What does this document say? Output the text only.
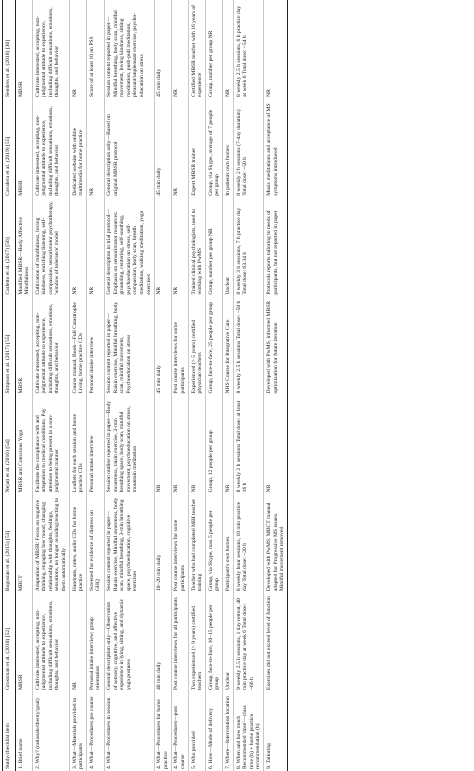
Study/checklist item	Grossman et al. (2010) [52]	Bogosian et al. (2015) [53]	Nejati et al. (2016) [54]	Simpson et al. (2017) [55]	Carletto et al. (2017) [56]	Cavalera et al. (2019) [55]	Senders et al. (2018) [30]
1. Brief name	MBSR	MBCT	MBSR and Conscious Yoga	MBSR	Modified MBSR—Body Affective Mindfulness	MBSR	MBSR
2. Why? (rationale/theory/goal)	Cultivate interested, accepting, non-judgmental attitude to experience, including difficult sensations, emotions, thoughts, and behavior	Adaptation of MBSR: Focus on negative thinking, engaging low mood, changing relationship with thoughts, feelings, sensations, no longer avoiding/reacting to them automatically	Facilitate the compliance with and adaptation to medical conditions. Pay attention to being present in a non-judgmental manner	Cultivate interested, accepting, non-judgmental attitude to experience, including difficult sensations, emotions, thoughts, and behavior	Cultivation of mindfulness, loving kindness, enriching listening, self-compassion, sensorimotor psychotherapy, 'window of tolerance' model	Cultivate interested, accepting, non-judgmental attitude to experience, including difficult sensations, emotions, thoughts, and behavior	Cultivate interested, accepting, non-judgmental attitude to experience, including difficult sensations, emotions, thoughts, and behavior
3. What—Materials provided to participants	NR	Handouts, notes, audio CDs for home practice	Leaflets for each session and home practice CDs	Course manual, Book—Full Catastrophe Living, home practice CDs	NR	Dedicated website with online multimedia for home practice	NR
4. What—Procedures pre course	Personal intake interview; group orientation	Screened for evidence of distress on GHQ	Personal intake interview	Personal intake interview	NR	NR	Score of at least 10 on PSS
4. What—Procedures in session	General description only—Observation of sensory, cognitive, and affective experience in lying, sitting, and dynamic yoga postures	Session content reported in paper—Raisin exercise, Mindful awareness, body scan, mindful breathing, 3-min breathing space, psychoeducation, cognitive exercises	Session outline reported in paper—Body awareness, raisin exercise, 3-min breathing space, body scan, mindful movement, psychoeducation on stress, mountain meditation	Session content reported in paper—Raisin exercise, Mindful breathing, body scan, mindful movement, Psychoeducation on stress	General description in trial protocol—Emphasis on sensorimotor resources: grounding, centering, self-soothing, psychoeducation on stress, self-compassion, body scan, breath meditation, walking meditation, yoga exercises	General description only—Based on original MBSR protocol	Session content reported in paper—Mindful breathing, body scan, mindful movement, loving kindness, sitting meditation, push-pull meditation, pleasant/unpleasant exercise, psycho-education on stress
4. What—Procedures for home practice	40 min daily	10–20 min daily	NR	45 min daily	NR	45 min daily	45 min daily
4. What—Procedures—post course	Post course interviews for all participants	Post course interviews for some participants	NR	Post course interviews for some participants	NR	NR	NR
5. Who provided	Two experienced (> 9 years) certified teachers	Teacher who had completed MBI teacher training	NR	Experienced (> 5 years) certified physician teachers	Trained clinical psychologists, used to working with PwMS	Expert MBSR trainer	Certified MBSR teacher with 16 years of experience
6. How—Mode of delivery	Group, face-to-face, 10–15 people per group	Group, via Skype, max 5 people per group	Group, 12 people per group	Group, face-to-face, 25 people per group	Group, number per group NR	Group, via Skype, average of 7 people per group	Group, number per group NR
7. Where—Intervention location	Unclear	Participant's own homes	NR	NHS Course for Integrative Care	Unclear	In patients own homes	NR
8. When and how much Recommended 'dose'—class time (h) + home practice recommendation (h)	9 weekly 2.5 h sessions, 1 day retreat, 40 min practice day at week 6 Total dose: ~66 h	8 weekly hour sessions, 10 min practice day Total dose: ~20 h	8 weekly 2 h sessions Total dose: at least 16 h	8 weekly 2.5 h sessions Total dose: ~50 h	8 weekly 3 h sessions, 7 h practice day Total dose: 63.34 h	8 weekly 2 h sessions (7-day duration) Total dose: ~50 h	8 weekly 2.5 h sessions, 6 h practice day at week 6 Total dose: ~54 h
9. Tailoring	Exercises did not exceed level of function	Developed with PwMS. MBCT manual adapted for Progressive MS issues. Mindful movement removed	NR	Developed with PwMS, informed MBSR optimization for future iteration	Protocols reports tailoring to needs of participants, but not reported in paper	Music meditations and acceptance of MS symptoms introduced	NR
